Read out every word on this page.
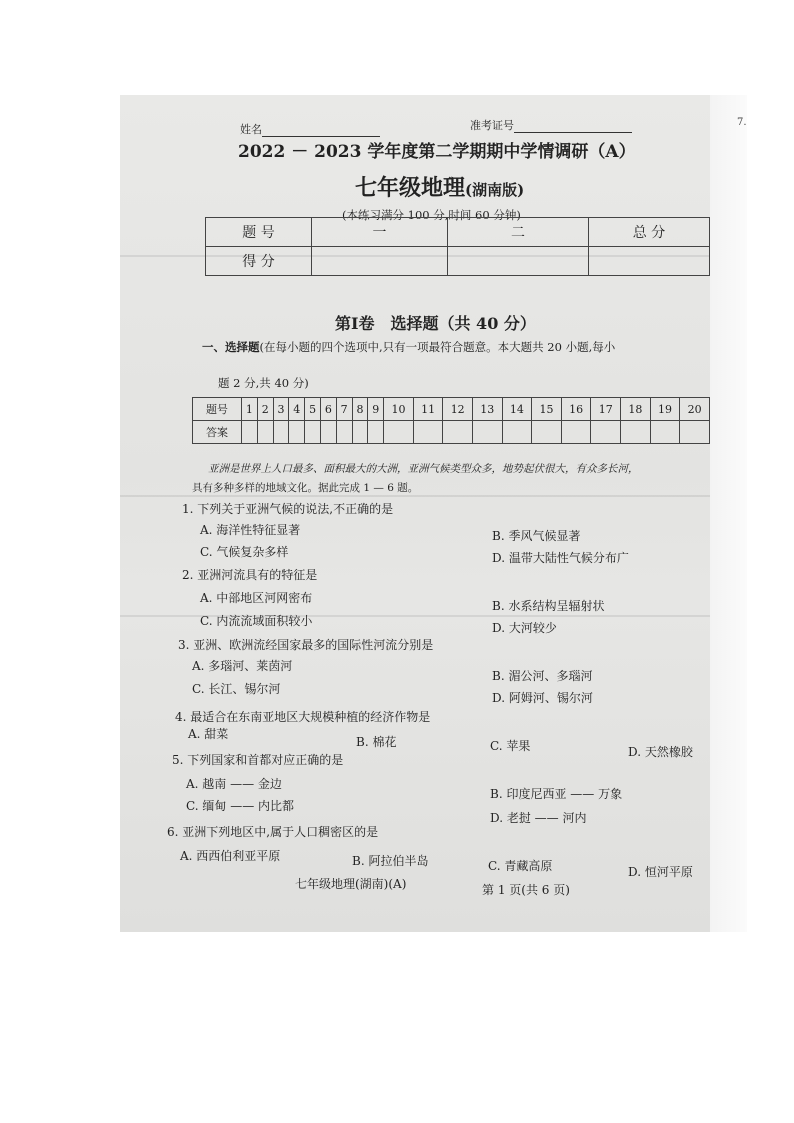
姓名	准考证号
2022 － 2023 学年度第二学期期中学情调研（A）
七年级地理(湖南版)
(本练习满分 100 分,时间 60 分钟)
题 号	一	二	总 分
得 分			
第Ⅰ卷　选择题（共 40 分）
一、选择题(在每小题的四个选项中,只有一项最符合题意。本大题共 20 小题,每小
题 2 分,共 40 分)
题号	1	2	3	4	5	6	7	8	9	10	11	12	13	14	15	16	17	18	19	20
答案																				
亚洲是世界上人口最多、面积最大的大洲，亚洲气候类型众多，地势起伏很大，有众多长河，
具有多种多样的地域文化。据此完成 1 — 6 题。
1. 下列关于亚洲气候的说法,不正确的是
A. 海洋性特征显著	B. 季风气候显著
C. 气候复杂多样	D. 温带大陆性气候分布广
2. 亚洲河流具有的特征是
A. 中部地区河网密布
B. 水系结构呈辐射状
C. 内流流域面积较小	D. 大河较少
3. 亚洲、欧洲流经国家最多的国际性河流分别是
A. 多瑙河、莱茵河
B. 湄公河、多瑙河
C. 长江、锡尔河
D. 阿姆河、锡尔河
4. 最适合在东南亚地区大规模种植的经济作物是
A. 甜菜
B. 棉花	C. 苹果	D. 天然橡胶
5. 下列国家和首都对应正确的是
A. 越南 —— 金边
B. 印度尼西亚 —— 万象
C. 缅甸 —— 内比都
D. 老挝 —— 河内
6. 亚洲下列地区中,属于人口稠密区的是
A. 西西伯利亚平原	B. 阿拉伯半岛	C. 青藏高原	D. 恒河平原
七年级地理(湖南)(A)	第 1 页(共 6 页)
7.
